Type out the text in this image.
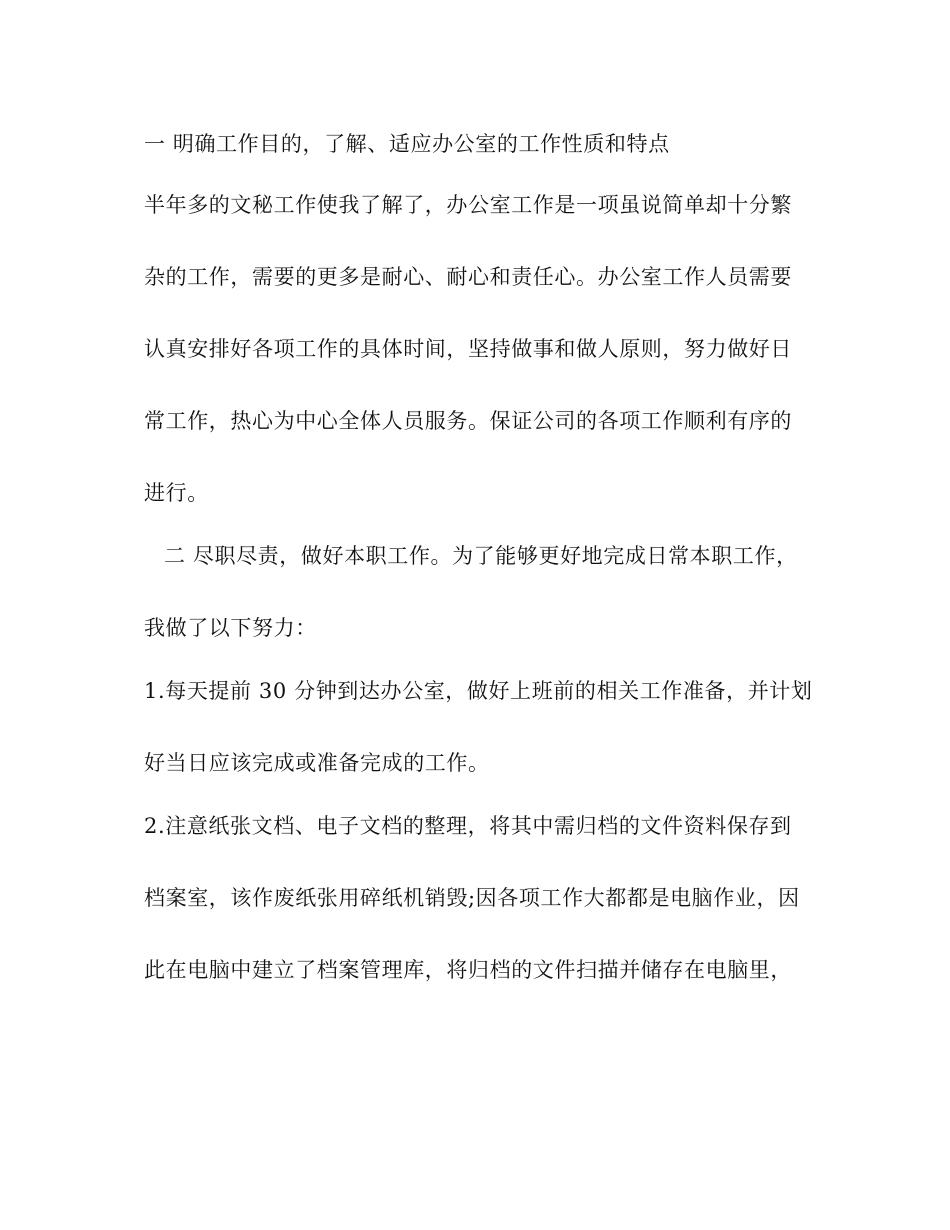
一 明确工作目的，了解、适应办公室的工作性质和特点
半年多的文秘工作使我了解了，办公室工作是一项虽说简单却十分繁
杂的工作，需要的更多是耐心、耐心和责任心。办公室工作人员需要
认真安排好各项工作的具体时间，坚持做事和做人原则，努力做好日
常工作，热心为中心全体人员服务。保证公司的各项工作顺利有序的
进行。
二 尽职尽责，做好本职工作。为了能够更好地完成日常本职工作，
我做了以下努力：
1.每天提前 30 分钟到达办公室，做好上班前的相关工作准备，并计划
好当日应该完成或准备完成的工作。
2.注意纸张文档、电子文档的整理，将其中需归档的文件资料保存到
档案室，该作废纸张用碎纸机销毁;因各项工作大都都是电脑作业，因
此在电脑中建立了档案管理库，将归档的文件扫描并储存在电脑里，
